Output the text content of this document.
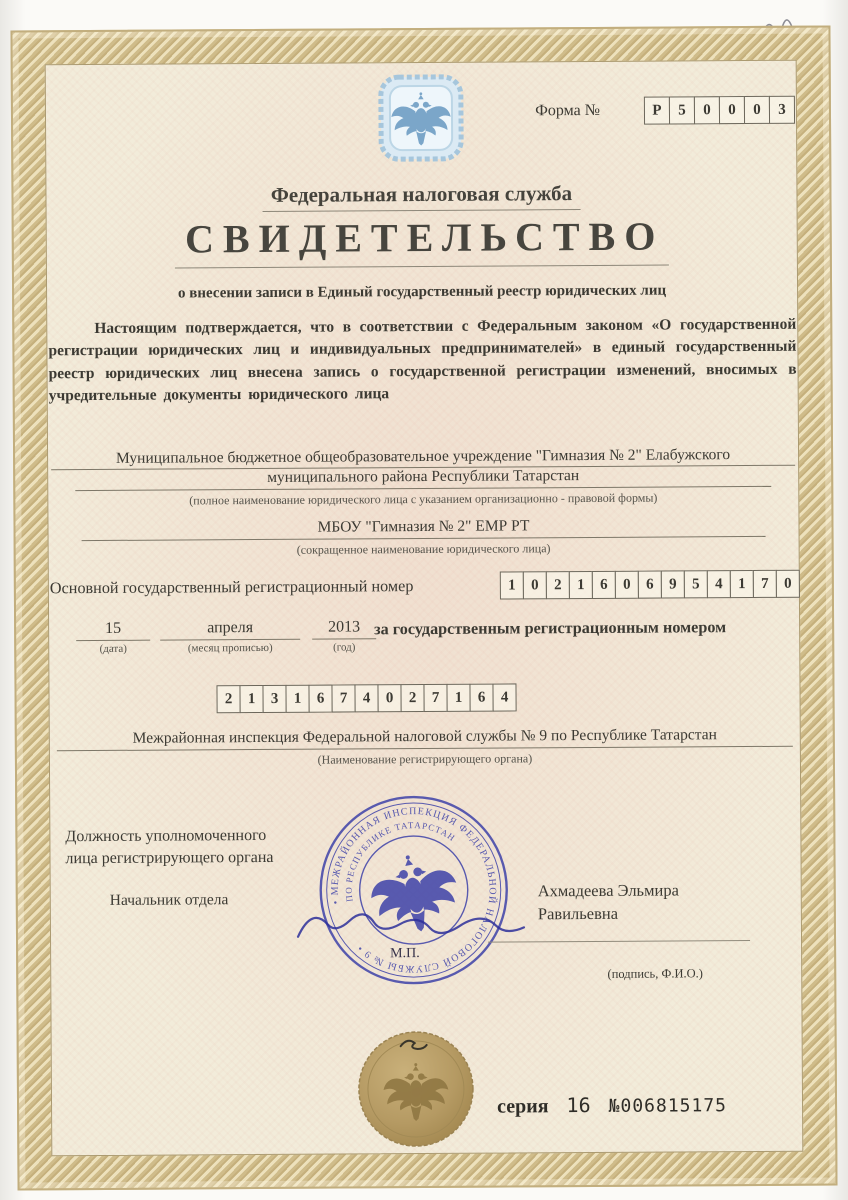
Форма №	Р	5	0	0	0	3
Федеральная налоговая служба
СВИДЕТЕЛЬСТВО
о внесении записи в Единый государственный реестр юридических лиц
Настоящим подтверждается, что в соответствии с Федеральным законом «О государственной регистрации юридических лиц и индивидуальных предпринимателей» в единый государственный реестр юридических лиц внесена запись о государственной регистрации изменений, вносимых в учредительные документы юридического лица
Муниципальное бюджетное общеобразовательное учреждение "Гимназия № 2" Елабужского
муниципального района Республики Татарстан
(полное наименование юридического лица с указанием организационно - правовой формы)
МБОУ "Гимназия № 2" ЕМР РТ
(сокращенное наименование юридического лица)
Основной государственный регистрационный номер	1	0	2	1	6	0	6	9	5	4	1	7	0
15
(дата)
апреля
(месяц прописью)
2013
(год)
за государственным регистрационным номером
2	1	3	1	6	7	4	0	2	7	1	6	4
Межрайонная инспекция Федеральной налоговой службы № 9 по Республике Татарстан
(Наименование регистрирующего органа)
Должность уполномоченного
лица регистрирующего органа
Начальник отдела	• МЕЖРАЙОННАЯ ИНСПЕКЦИЯ ФЕДЕРАЛЬНОЙ НАЛОГОВОЙ СЛУЖБЫ № 9 •
ПО РЕСПУБЛИКЕ ТАТАРСТАН
М.П.
Ахмадеева Эльмира
Равильевна
(подпись, Ф.И.О.)
серия 16 №006815175
